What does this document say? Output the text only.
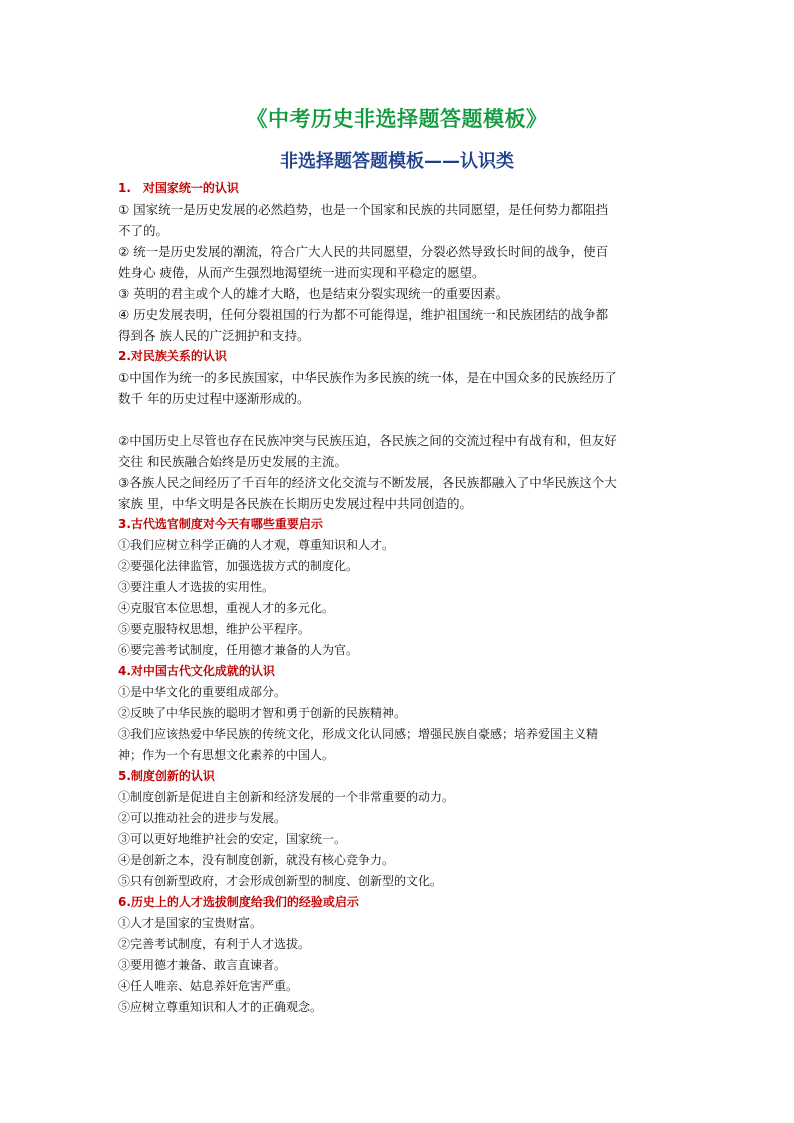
《中考历史非选择题答题模板》
非选择题答题模板——认识类
1.　对国家统一的认识
① 国家统一是历史发展的必然趋势，也是一个国家和民族的共同愿望，是任何势力都阻挡
不了的。
② 统一是历史发展的潮流，符合广大人民的共同愿望，分裂必然导致长时间的战争，使百
姓身心 疲倦，从而产生强烈地渴望统一进而实现和平稳定的愿望。
③ 英明的君主或个人的雄才大略，也是结束分裂实现统一的重要因素。
④ 历史发展表明，任何分裂祖国的行为都不可能得逞，维护祖国统一和民族团结的战争都
得到各 族人民的广泛拥护和支持。
2.对民族关系的认识
①中国作为统一的多民族国家，中华民族作为多民族的统一体，是在中国众多的民族经历了
数千 年的历史过程中逐渐形成的。
②中国历史上尽管也存在民族冲突与民族压迫，各民族之间的交流过程中有战有和，但友好
交往 和民族融合始终是历史发展的主流。
③各族人民之间经历了千百年的经济文化交流与不断发展，各民族都融入了中华民族这个大
家族 里，中华文明是各民族在长期历史发展过程中共同创造的。
3.古代选官制度对今天有哪些重要启示
①我们应树立科学正确的人才观，尊重知识和人才。
②要强化法律监管，加强选拔方式的制度化。
③要注重人才选拔的实用性。
④克服官本位思想，重视人才的多元化。
⑤要克服特权思想，维护公平程序。
⑥要完善考试制度，任用德才兼备的人为官。
4.对中国古代文化成就的认识
①是中华文化的重要组成部分。
②反映了中华民族的聪明才智和勇于创新的民族精神。
③我们应该热爱中华民族的传统文化，形成文化认同感；增强民族自豪感；培养爱国主义精
神；作为一个有思想文化素养的中国人。
5.制度创新的认识
①制度创新是促进自主创新和经济发展的一个非常重要的动力。
②可以推动社会的进步与发展。
③可以更好地维护社会的安定，国家统一。
④是创新之本，没有制度创新，就没有核心竞争力。
⑤只有创新型政府，才会形成创新型的制度、创新型的文化。
6.历史上的人才选拔制度给我们的经验或启示
①人才是国家的宝贵财富。
②完善考试制度，有利于人才选拔。
③要用德才兼备、敢言直谏者。
④任人唯亲、姑息养奸危害严重。
⑤应树立尊重知识和人才的正确观念。
